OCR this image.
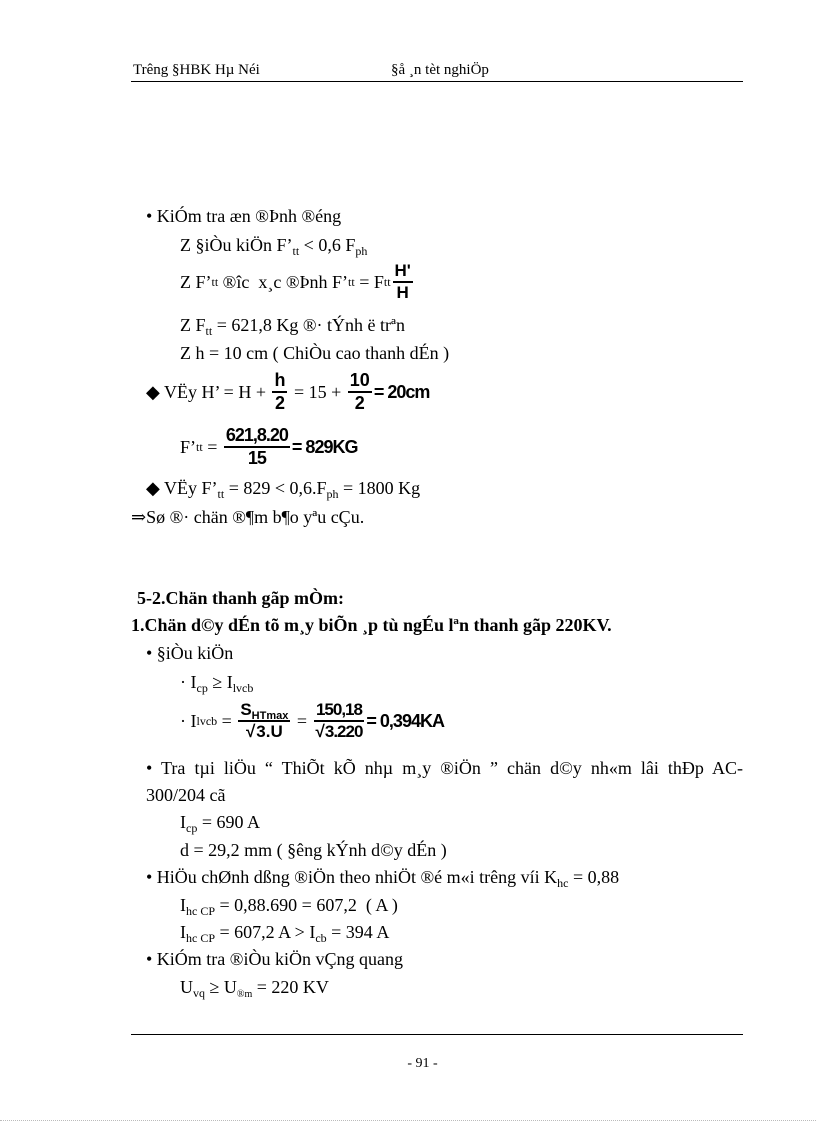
Trêng §HBK Hµ Néi	§å ¸n tèt nghiÖp
• KiÓm tra æn ®Þnh ®éng
Z §iÒu kiÖn $F’_{tt} < 0,6$ $F_{ph}$
Z F’ tt ®îc  x¸c ®Þnh F’ tt = F tt $\frac{H'}{H}$
Z $F_{tt} = 621,8$ Kg ®· tÝnh ë trªn
Z h = 10 cm ( ChiÒu cao thanh dÉn )
◆ VËy H’ = $H + \frac{h}{2} = 15 + \frac{10}{2} = 20cm$
F’ tt = $\frac{621,8.20}{15} = 829KG$
◆ VËy $F’_{tt} = 829 < 0,6.F_{ph} = 1800$ Kg
⇒Sø ®· chän ®¶m b¶o yªu cÇu.
5-2.Chän thanh gãp mÒm:
1.Chän d©y dÉn tõ m¸y biÕn ¸p tù ngÉu lªn thanh gãp 220KV.
• §iÒu kiÖn
· $I_{cp} \ge I_{lvcb}$
· I lvcb = $\frac{S_{HTmax}}{√3.U} = \frac{150,18}{√3.220} = 0,394KA$
• Tra tµi liÖu “ ThiÕt kÕ nhµ m¸y ®iÖn ” chän d©y nh«m lâi thÐp AC-
300/204 cã
$I_{cp} = 690$ A
d = 29,2 mm ( §êng kÝnh d©y dÉn )
• HiÖu chØnh dßng ®iÖn theo nhiÖt ®é m«i trêng víi $K_{hc} = 0,88$
$I_{hc CP} = 0,88.690 = 607,2$  ( A )
$I_{hc CP} = 607,2$ $A > I_{cb} = 394$ A
• KiÓm tra ®iÒu kiÖn vÇng quang
$U_{vq} \ge U_{®m} = 220$ KV
- 91 -
